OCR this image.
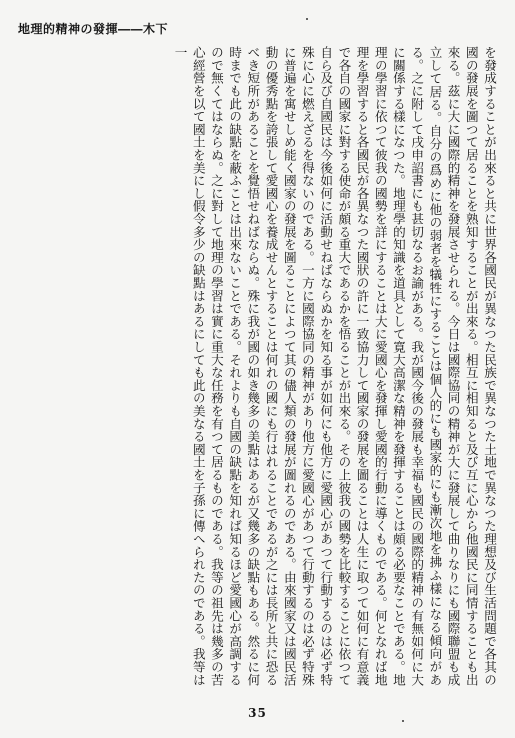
地理的精神の發揮――木下

を發成することが出來ると共に世界各國民が異なつた民族で異なつた土地で異なつた理想及び生活問題で各其の國の發展を圖つて居ることを熟知することが出來る。相互に相知ると及び互に心から他國民に同情することも出來る。茲に大に國際的精神を發展させられる。今日は國際協同の精神が大に發展して曲りなりにも國際聯盟も成立して居る。自分の爲めに他の弱者を犠牲にすることは個人的にも國家的にも漸次地を拂ふ樣になる傾向がある。之に附して戌申詔書にも甚切なるお諭がある。我が國今後の發展も幸福も國民の國際的精神の有無如何に大に關係する樣になつた。地理學的知識を道具として寛大高潔な精神を發揮することは頗る必要なことである。地理の學習に依つて彼我の國勢を詳にすることは大に愛國心を發揮し愛國的行動に導くものである。何となれば地理を學習すると各國民が各異なつた國狀の許に一致協力して國家の發展を圖ることは人生に取つて如何に有意義で各自の國家に對する使命が頗る重大であるかを悟ることが出來る。その上彼我の國勢を比較することに依つて自ら及び自國民は今後如何に活動せねばならぬかを知る事が如何にも他方に愛國心があつて行動するのは必ず特殊に心に燃えざるを得ないのである。一方に國際協同の精神があり他方に愛國心があつて行動するのは必ず特殊に普遍を寓せしめ能く國家の發展を圖ることによつて其の儘人類の發展が圖れるのである。由來國家又は國民活動の優秀點を誇張して愛國心を養成せんとすることは何れの國にも行はれることであるが之には長所と共に恐るべき短所があることを覺悟せねばならぬ。殊に我が國の如き幾多の美點はあるが又幾多の缺點もある。然るに何時までも此の缺點を蔽ふことは出來ないことである。それよりも自國の缺點を知れば知るほど愛國心が高調するので無くてはならぬ。之に對して地理の學習は實に重大な任務を有つて居るものである。我等の祖先は幾多の苦心經營を以て國土を美にし假令多少の缺點はあるにしても此の美なる國土を子孫に傳へられたのである。我等は一

35
